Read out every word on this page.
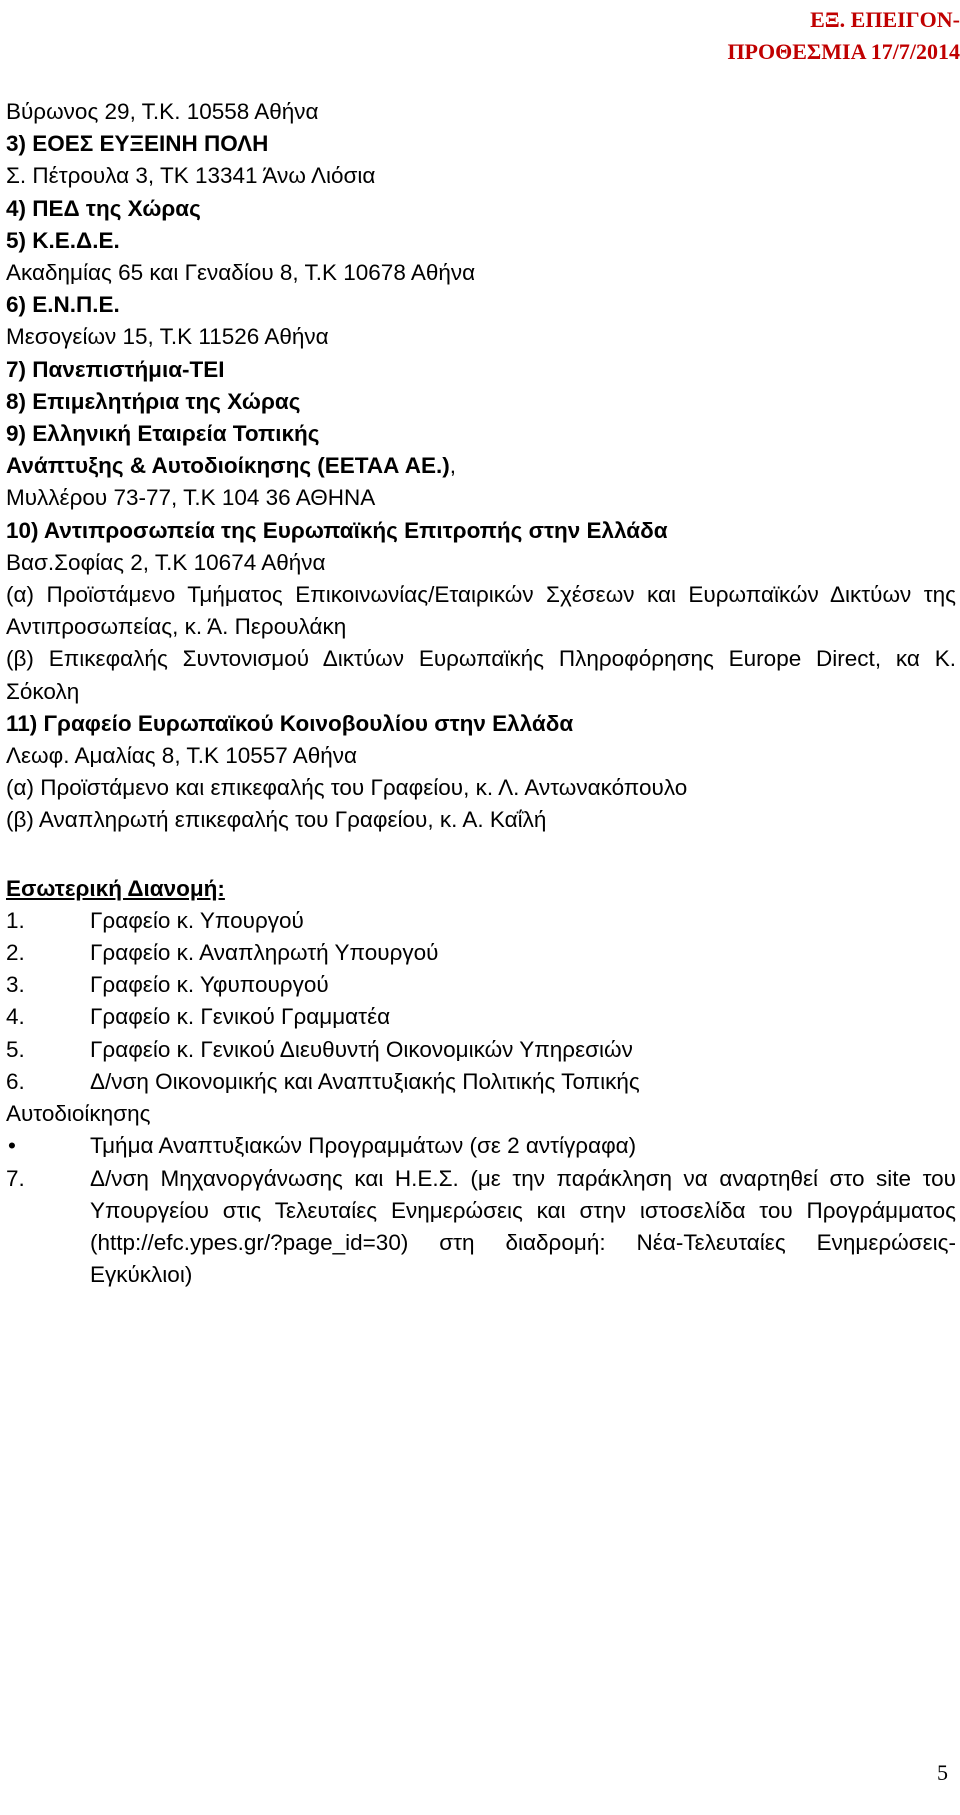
ΕΞ. ΕΠΕΙΓΟΝ-
ΠΡΟΘΕΣΜΙΑ 17/7/2014
Βύρωνος 29, Τ.Κ. 10558 Αθήνα
3) ΕΟΕΣ ΕΥΞΕΙΝΗ ΠΟΛΗ
Σ. Πέτρουλα 3, ΤΚ 13341 Άνω Λιόσια
4) ΠΕΔ της Χώρας
5) Κ.Ε.Δ.Ε.
Ακαδημίας 65 και Γεναδίου 8, Τ.Κ 10678 Αθήνα
6) Ε.Ν.Π.Ε.
Μεσογείων 15, Τ.Κ 11526 Αθήνα
7) Πανεπιστήμια-ΤΕΙ
8) Επιμελητήρια της Χώρας
9) Ελληνική Εταιρεία Τοπικής
Ανάπτυξης & Αυτοδιοίκησης (ΕΕΤΑΑ ΑΕ.),
Μυλλέρου 73-77, Τ.Κ 104 36 ΑΘΗΝΑ
10) Αντιπροσωπεία της Ευρωπαϊκής Επιτροπής στην Ελλάδα
Βασ.Σοφίας 2, Τ.Κ 10674 Αθήνα
(α) Προϊστάμενο Τμήματος Επικοινωνίας/Εταιρικών Σχέσεων και Ευρωπαϊκών Δικτύων της Αντιπροσωπείας, κ. Ά. Περουλάκη
(β) Επικεφαλής Συντονισμού Δικτύων Ευρωπαϊκής Πληροφόρησης Europe Direct, κα Κ. Σόκολη
11) Γραφείο Ευρωπαϊκού Κοινοβουλίου στην Ελλάδα
Λεωφ. Αμαλίας 8, Τ.Κ 10557 Αθήνα
(α) Προϊστάμενο και επικεφαλής του Γραφείου, κ. Λ. Αντωνακόπουλο
(β) Αναπληρωτή επικεφαλής του Γραφείου, κ. Α. Καΐλή
Εσωτερική Διανομή:
1.	Γραφείο κ. Υπουργού
2.	Γραφείο κ. Αναπληρωτή Υπουργού
3.	Γραφείο κ. Υφυπουργού
4.	Γραφείο κ. Γενικού Γραμματέα
5.	Γραφείο κ. Γενικού Διευθυντή Οικονομικών Υπηρεσιών
6.	Δ/νση Οικονομικής και Αναπτυξιακής Πολιτικής Τοπικής
Αυτοδιοίκησης
•	Τμήμα Αναπτυξιακών Προγραμμάτων (σε 2 αντίγραφα)
7.	Δ/νση Μηχανοργάνωσης και Η.Ε.Σ. (με την παράκληση να αναρτηθεί στο site του Υπουργείου στις Τελευταίες Ενημερώσεις και στην ιστοσελίδα του Προγράμματος (http://efc.ypes.gr/?page_id=30) στη διαδρομή: Νέα-Τελευταίες Ενημερώσεις-Εγκύκλιοι)
5
